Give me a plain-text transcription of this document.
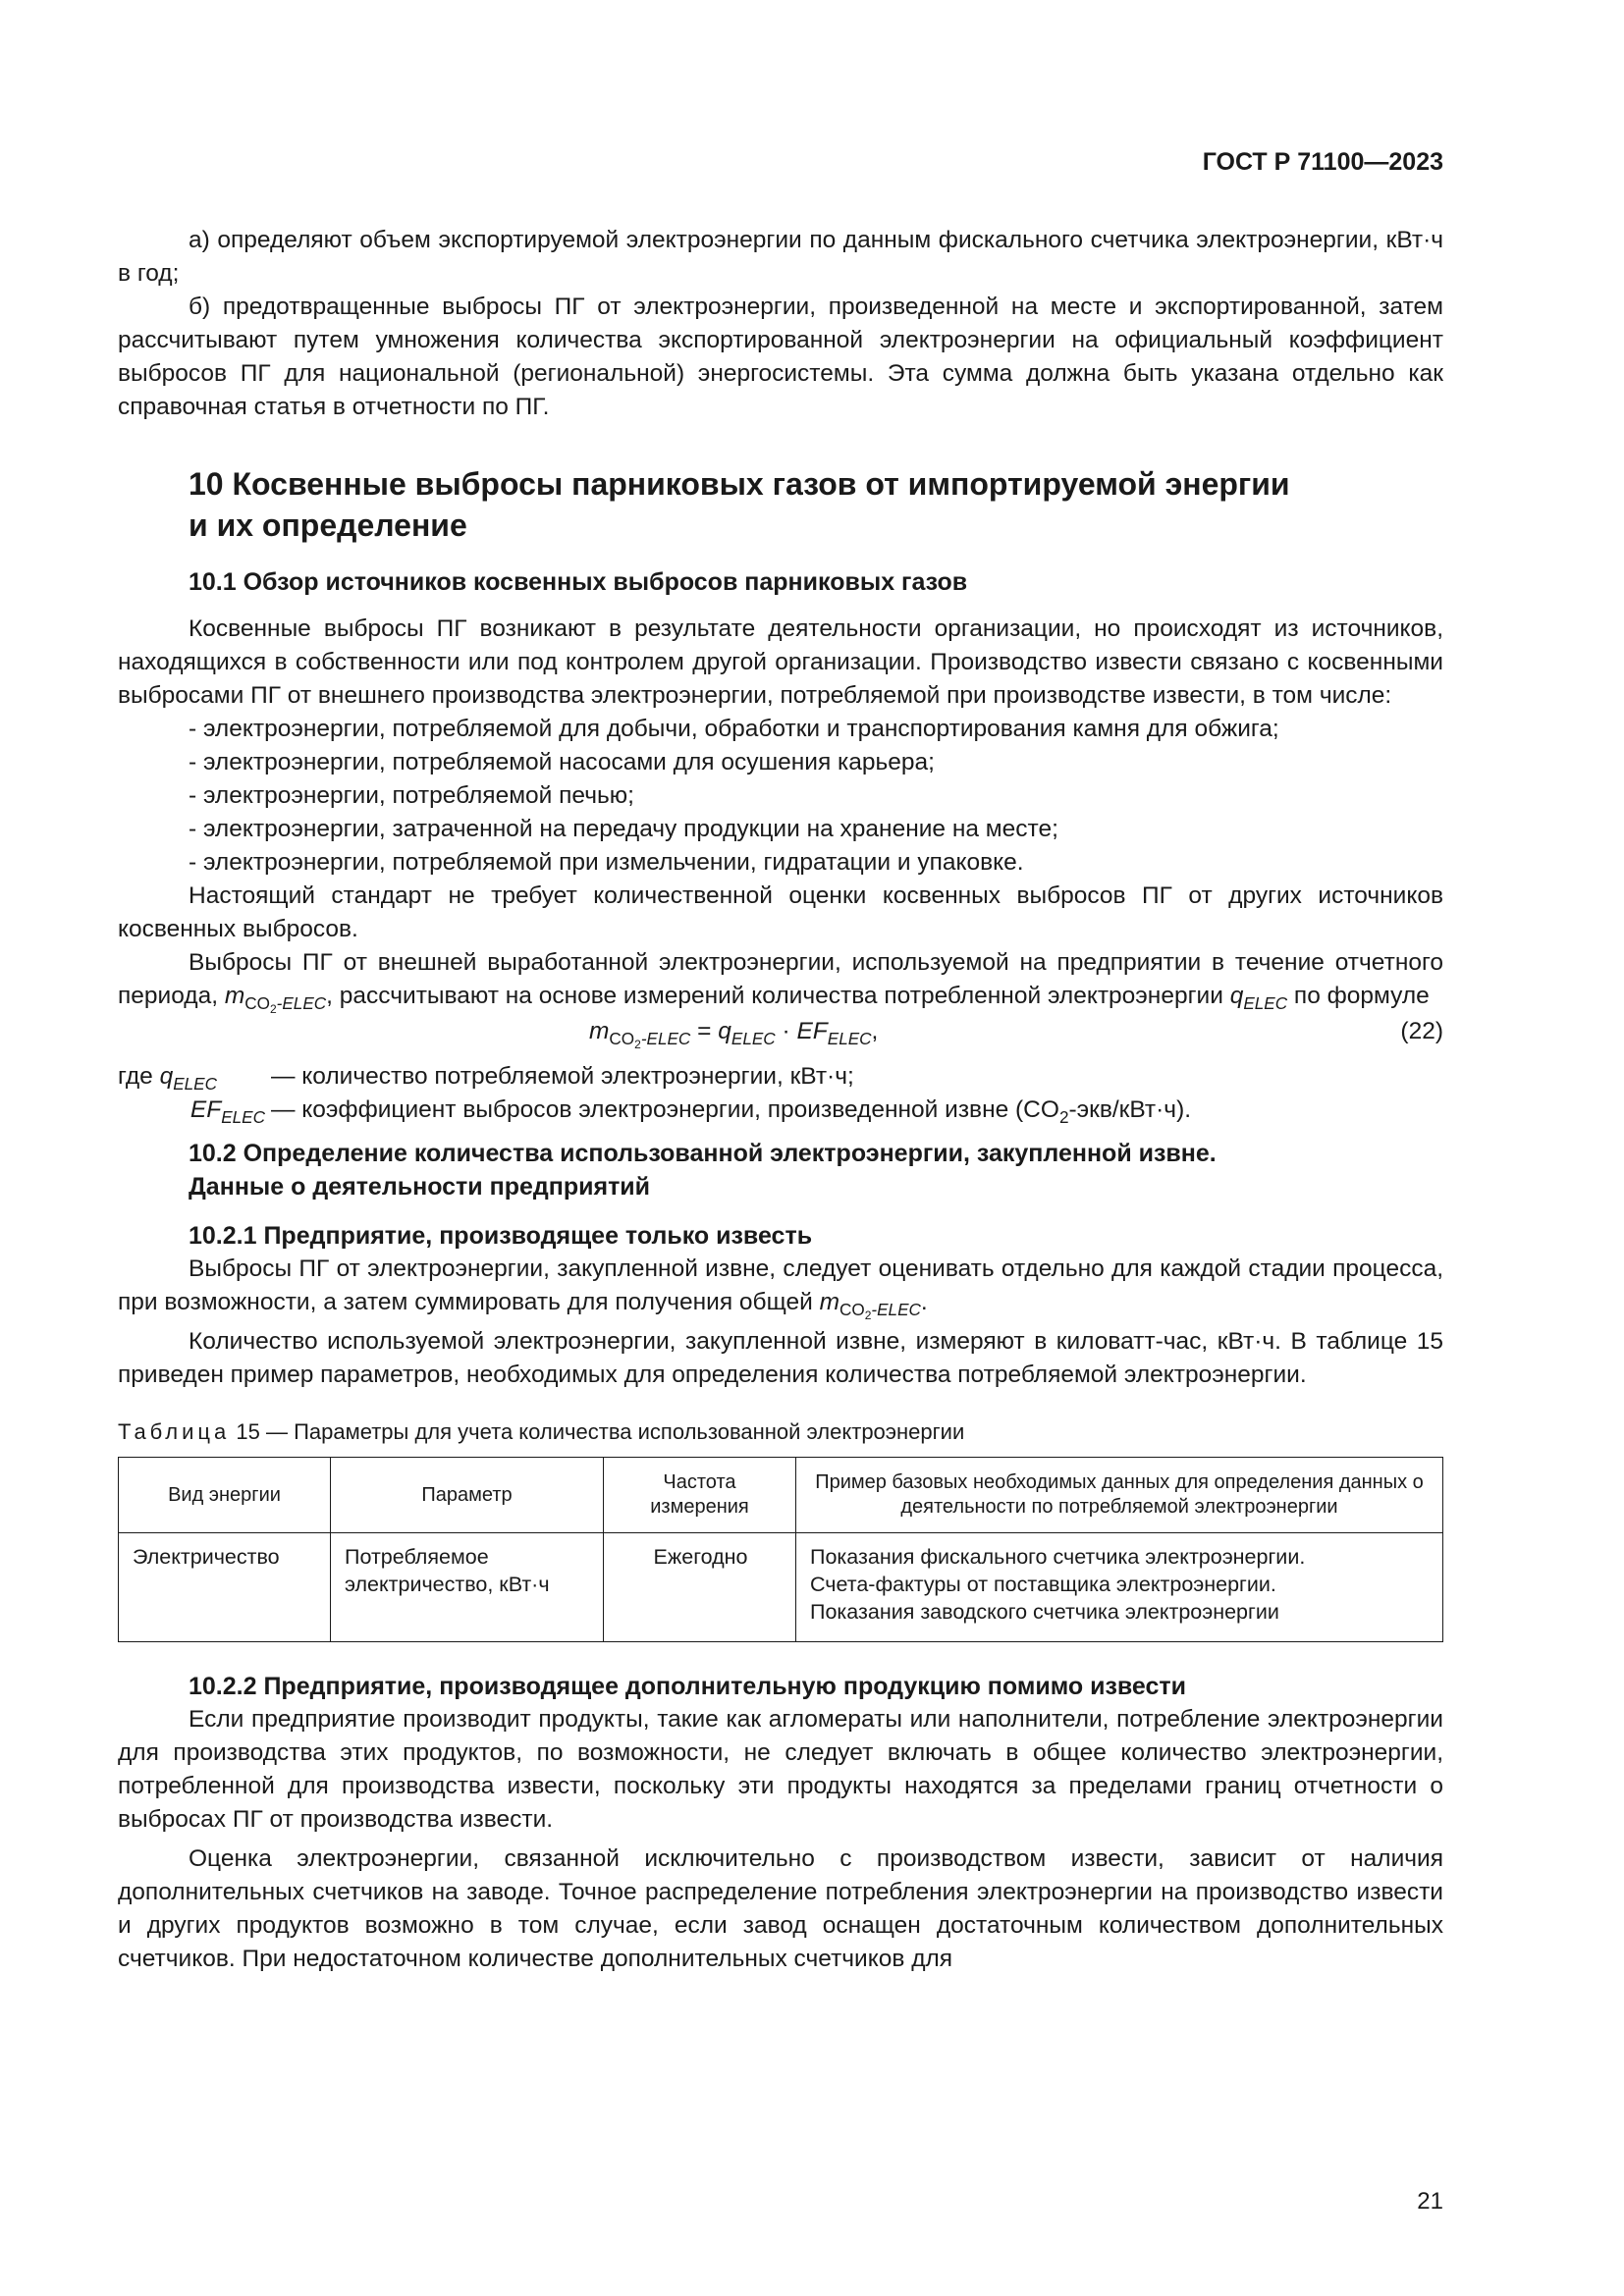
ГОСТ Р 71100—2023

а) определяют объем экспортируемой электроэнергии по данным фискального счетчика электроэнергии, кВт·ч в год;

б) предотвращенные выбросы ПГ от электроэнергии, произведенной на месте и экспортированной, затем рассчитывают путем умножения количества экспортированной электроэнергии на официальный коэффициент выбросов ПГ для национальной (региональной) энергосистемы. Эта сумма должна быть указана отдельно как справочная статья в отчетности по ПГ.

10 Косвенные выбросы парниковых газов от импортируемой энергии
и их определение
10.1 Обзор источников косвенных выбросов парниковых газов

Косвенные выбросы ПГ возникают в результате деятельности организации, но происходят из источников, находящихся в собственности или под контролем другой организации. Производство извести связано с косвенными выбросами ПГ от внешнего производства электроэнергии, потребляемой при производстве извести, в том числе:

- электроэнергии, потребляемой для добычи, обработки и транспортирования камня для обжига;

- электроэнергии, потребляемой насосами для осушения карьера;

- электроэнергии, потребляемой печью;

- электроэнергии, затраченной на передачу продукции на хранение на месте;

- электроэнергии, потребляемой при измельчении, гидратации и упаковке.

Настоящий стандарт не требует количественной оценки косвенных выбросов ПГ от других источников косвенных выбросов.

Выбросы ПГ от внешней выработанной электроэнергии, используемой на предприятии в течение отчетного периода, $m_{CO_2-ELEC}$, рассчитывают на основе измерений количества потребленной электроэнергии $q_{ELEC}$ по формуле

$m_{CO_2-ELEC} = q_{ELEC} \cdot EF_{ELEC}$,	(22)
где $q_{ELEC}$	— количество потребляемой электроэнергии, кВт·ч;
$EF_{ELEC}$ — коэффициент выбросов электроэнергии, произведенной извне $(CO_2-экв/кВт\cdot ч)$.
10.2 Определение количества использованной электроэнергии, закупленной извне.
Данные о деятельности предприятий
10.2.1 Предприятие, производящее только известь

Выбросы ПГ от электроэнергии, закупленной извне, следует оценивать отдельно для каждой стадии процесса, при возможности, а затем суммировать для получения общей $m_{CO_2-ELEC}$.

Количество используемой электроэнергии, закупленной извне, измеряют в киловатт-час, кВт·ч. В таблице 15 приведен пример параметров, необходимых для определения количества потребляемой электроэнергии.

Таблица 15 — Параметры для учета количества использованной электроэнергии
Вид энергии	Параметр	Частота измерения	Пример базовых необходимых данных для определения данных о деятельности по потребляемой электроэнергии
Электричество	Потребляемое электричество, кВт·ч	Ежегодно	Показания фискального счетчика электроэнергии.
Счета-фактуры от поставщика электроэнергии.
Показания заводского счетчика электроэнергии
10.2.2 Предприятие, производящее дополнительную продукцию помимо извести

Если предприятие производит продукты, такие как агломераты или наполнители, потребление электроэнергии для производства этих продуктов, по возможности, не следует включать в общее количество электроэнергии, потребленной для производства извести, поскольку эти продукты находятся за пределами границ отчетности о выбросах ПГ от производства извести.

Оценка электроэнергии, связанной исключительно с производством извести, зависит от наличия дополнительных счетчиков на заводе. Точное распределение потребления электроэнергии на производство извести и других продуктов возможно в том случае, если завод оснащен достаточным количеством дополнительных счетчиков. При недостаточном количестве дополнительных счетчиков для

21
